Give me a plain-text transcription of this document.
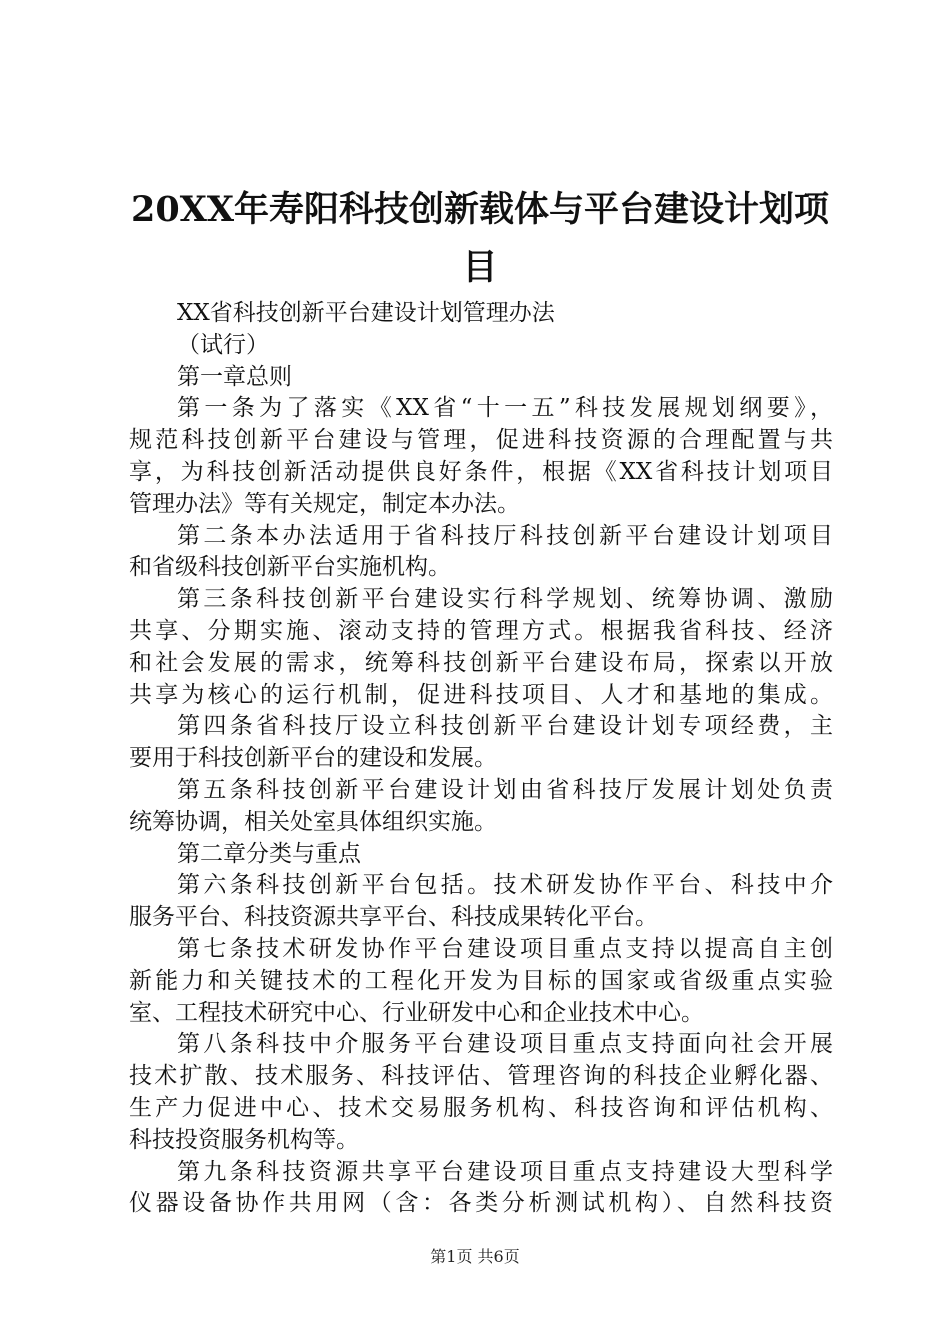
20XX年寿阳科技创新载体与平台建设计划项
目
XX省科技创新平台建设计划管理办法
（试行）
第一章总则
第一条为了落实《XX省“十一五”科技发展规划纲要》，
规范科技创新平台建设与管理，促进科技资源的合理配置与共
享，为科技创新活动提供良好条件，根据《XX省科技计划项目
管理办法》等有关规定，制定本办法。
第二条本办法适用于省科技厅科技创新平台建设计划项目
和省级科技创新平台实施机构。
第三条科技创新平台建设实行科学规划、统筹协调、激励
共享、分期实施、滚动支持的管理方式。根据我省科技、经济
和社会发展的需求，统筹科技创新平台建设布局，探索以开放
共享为核心的运行机制，促进科技项目、人才和基地的集成。
第四条省科技厅设立科技创新平台建设计划专项经费，主
要用于科技创新平台的建设和发展。
第五条科技创新平台建设计划由省科技厅发展计划处负责
统筹协调，相关处室具体组织实施。
第二章分类与重点
第六条科技创新平台包括。技术研发协作平台、科技中介
服务平台、科技资源共享平台、科技成果转化平台。
第七条技术研发协作平台建设项目重点支持以提高自主创
新能力和关键技术的工程化开发为目标的国家或省级重点实验
室、工程技术研究中心、行业研发中心和企业技术中心。
第八条科技中介服务平台建设项目重点支持面向社会开展
技术扩散、技术服务、科技评估、管理咨询的科技企业孵化器、
生产力促进中心、技术交易服务机构、科技咨询和评估机构、
科技投资服务机构等。
第九条科技资源共享平台建设项目重点支持建设大型科学
仪器设备协作共用网（含：各类分析测试机构）、自然科技资
第1页 共6页
